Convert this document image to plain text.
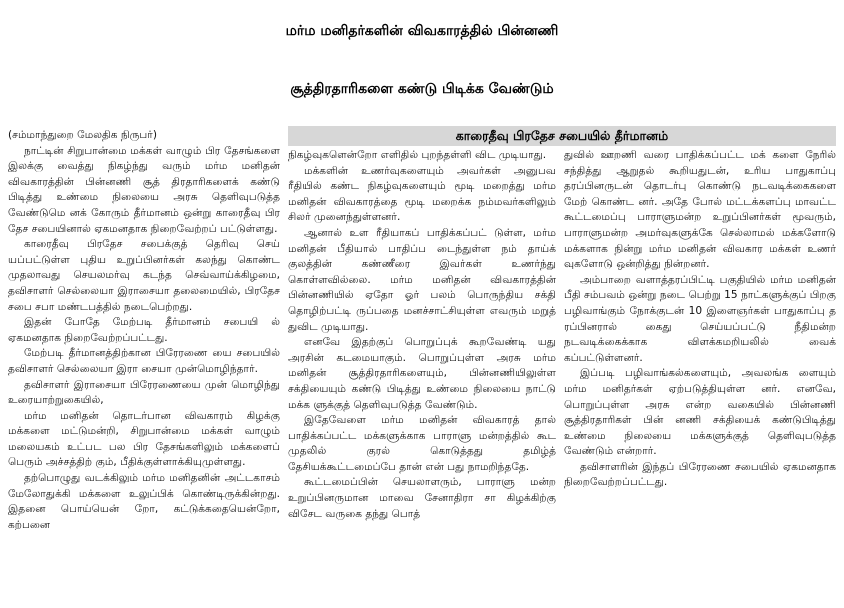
மர்ம மனிதர்களின் விவகாரத்தில் பின்னணி
சூத்திரதாரிகளை கண்டு பிடிக்க வேண்டும்
காரைதீவு பிரதேச சபையில் தீர்மானம்

(சம்மாந்துறை மேலதிக நிருபர்)

நாட்டின் சிறுபான்மை மக்கள் வாழும் பிர தேசங்களை இலக்கு வைத்து நிகழ்ந்து வரும் மர்ம மனிதன் விவகாரத்தின் பின்னணி சூத் திரதாரிகளைக் கண்டு பிடித்து உண்மை நிலையை அரசு தெளிவுபடுத்த வேண்டுமெ னக் கோரும் தீர்மானம் ஒன்று காரைதீவு பிர தேச சபையினால் ஏகமனதாக நிறைவேற்றப் பட்டுள்ளது.

காரைதீவு பிரதேச சபைக்குத் தெரிவு செய் யப்பட்டுள்ள புதிய உறுப்பினர்கள் கலந்து கொண்ட முதலாவது செயலமர்வு கடந்த செவ்வாய்க்கிழமை, தவிசாளர் செல்லையா இராசையா தலைமையில், பிரதேச சபை சபா மண்டபத்தில் நடைபெற்றது.

இதன் போதே மேற்படி தீர்மானம் சபையி ல் ஏகமனதாக நிறைவேற்றப்பட்டது.

மேற்படி தீர்மானத்திற்கான பிரேரணை யை சபையில் தவிசாளர் செல்லையா இரா சையா முன்மொழிந்தார்.

தவிசாளர் இராசையா பிரேரணையை முன் மொழிந்து உரையாற்றுகையில்,

மர்ம மனிதன் தொடர்பான விவகாரம் கிழக்கு மக்களை மட்டுமன்றி, சிறுபான்மை மக்கள் வாழும் மலையகம் உட்பட பல பிர தேசங்களிலும் மக்களைப் பெரும் அச்சத்திற் கும், பீதிக்குள்ளாக்கியுமுள்ளது.

தற்பொழுது வடக்கிலும் மர்ம மனிதனின் அட்டகாசம் மேலோதுக்கி மக்களை உலுப்பிக் கொண்டிருக்கின்றது. இதனை பொய்யென் றோ, கட்டுக்கதையென்றோ, கற்பனை

நிகழ்வுகளென்றோ எளிதில் புறந்தள்ளி விட முடியாது.

மக்களின் உணர்வுகளையும் அவர்கள் அனுபவ ரீதியில் கண்ட நிகழ்வுகளையும் மூடி மறைத்து மர்ம மனிதன் விவகாரத்தை மூடி மறைக்க நம்மவர்களிலும் சிலர் முனைந்துள்ளனர்.

ஆனால் உள ரீதியாகப் பாதிக்கப்பட் டுள்ள, மர்ம மனிதன் பீதியால் பாதிப்ப டைந்துள்ள நம் தாய்க் குலத்தின் கண்ணீரை இவர்கள் உணர்ந்து கொள்ளவில்லை. மர்ம மனிதன் விவகாரத்தின் பின்னணியில் ஏதோ ஓர் பலம் பொருந்திய சக்தி தொழிற்பட்டி ருப்பதை மனச்சாட்சியுள்ள எவரும் மறுத் துவிட முடியாது.

எனவே இதற்குப் பொறுப்புக் கூறவேண்டி யது அரசின் கடமையாகும். பொறுப்புள்ள அரசு மர்ம மனிதன் சூத்திரதாரிகளையும், பின்னணியிலுள்ள சக்தியையும் கண்டு பிடித்து உண்மை நிலையை நாட்டு மக்க ளுக்குத் தெளிவுபடுத்த வேண்டும்.

இதேவேளை மர்ம மனிதன் விவகாரத் தால் பாதிக்கப்பட்ட மக்களுக்காக பாராளு மன்றத்தில் கூட முதலில் குரல் கொடுத்தது தமிழ்த் தேசியக்கூட்டமைப்பே தான் என் பது நாமறிந்ததே.

கூட்டமைப்பின் செயலாளரும், பாராளு மன்ற உறுப்பினருமான மாவை சேனாதிரா சா கிழக்கிற்கு விசேட வருகை தந்து பொத்

துவில் ஊறணி வரை பாதிக்கப்பட்ட மக் களை நேரில் சந்தித்து ஆறுதல் கூறியதுடன், உரிய பாதுகாப்பு தரப்பினருடன் தொடர்பு கொண்டு நடவடிக்கைகளை மேற் கொண்ட னர். அதே போல் மட்டக்களப்பு மாவட்ட கூட்டமைப்பு பாராளுமன்ற உறுப்பினர்கள் மூவரும், பாராளுமன்ற அமர்வுகளுக்கே செல்லாமல் மக்களோடு மக்களாக நின்று மர்ம மனிதன் விவகார மக்கள் உணர் வுகளோடு ஒன்றித்து நின்றனர்.

அம்பாறை வளாத்தரப்பிட்டி பகுதியில் மர்ம மனிதன் பீதி சம்பவம் ஒன்று நடை பெற்று 15 நாட்களுக்குப் பிறகு பழிவாங்கும் நோக்குடன் 10 இளைஞர்கள் பாதுகாப்பு த ரப்பினரால் கைது செய்யப்பட்டு நீதிமன்ற நடவடிக்கைக்காக விளக்கமறியலில் வைக் கப்பட்டுள்ளனர்.

இப்படி பழிவாங்கல்களையும், அவலங்க ளையும் மர்ம மனிதர்கள் ஏற்படுத்தியுள்ள னர். எனவே, பொறுப்புள்ள அரசு என்ற வகையில் பின்னணி சூத்திரதாரிகள் பின் னணி சக்தியைக் கண்டுபிடித்து உண்மை நிலையை மக்களுக்குத் தெளிவுபடுத்த வேண்டும் என்றார்.

தவிசாளரின் இந்தப் பிரேரணை சபையில் ஏகமனதாக நிறைவேற்றப்பட்டது.
